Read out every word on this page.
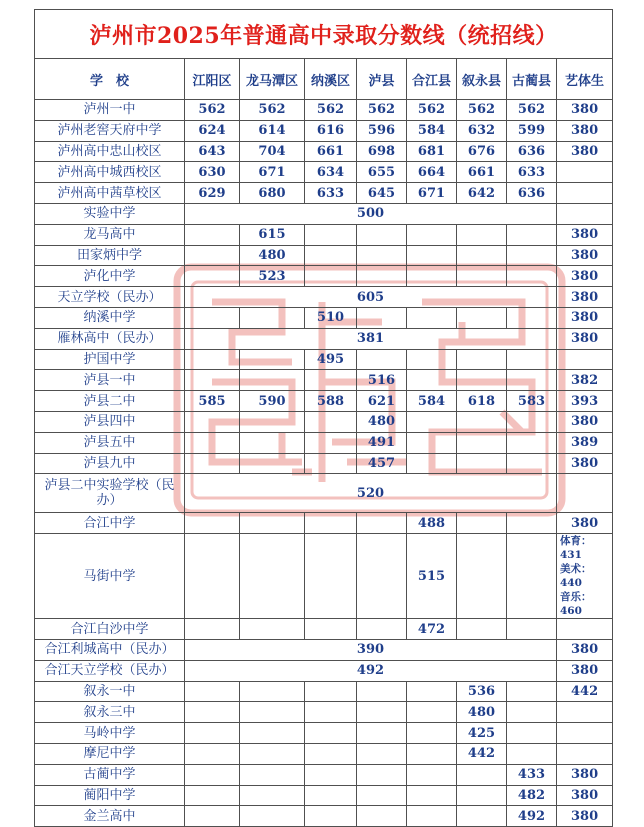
泸州市2025年普通高中录取分数线（统招线）								
学　校	江阳区	龙马潭区	纳溪区	泸县	合江县	叙永县	古蔺县	艺体生
泸州一中	562	562	562	562	562	562	562	380
泸州老窖天府中学	624	614	616	596	584	632	599	380
泸州高中忠山校区	643	704	661	698	681	676	636	380
泸州高中城西校区	630	671	634	655	664	661	633	
泸州高中茜草校区	629	680	633	645	671	642	636	
实验中学	500							
龙马高中		615						380
田家炳中学		480						380
泸化中学		523						380
天立学校（民办）	605							380
纳溪中学			510					380
雁林高中（民办）	381							380
护国中学			495					
泸县一中				516				382
泸县二中	585	590	588	621	584	618	583	393
泸县四中				480				380
泸县五中				491				389
泸县九中				457				380
泸县二中实验学校（民办）	520							
合江中学					488			380
马街中学					515			体育：431
美术：440
音乐：460

合江白沙中学					472			
合江利城高中（民办）	390							380
合江天立学校（民办）	492							380
叙永一中						536		442
叙永三中						480		
马岭中学						425		
摩尼中学						442		
古蔺中学							433	380
蔺阳中学							482	380
金兰高中							492	380
